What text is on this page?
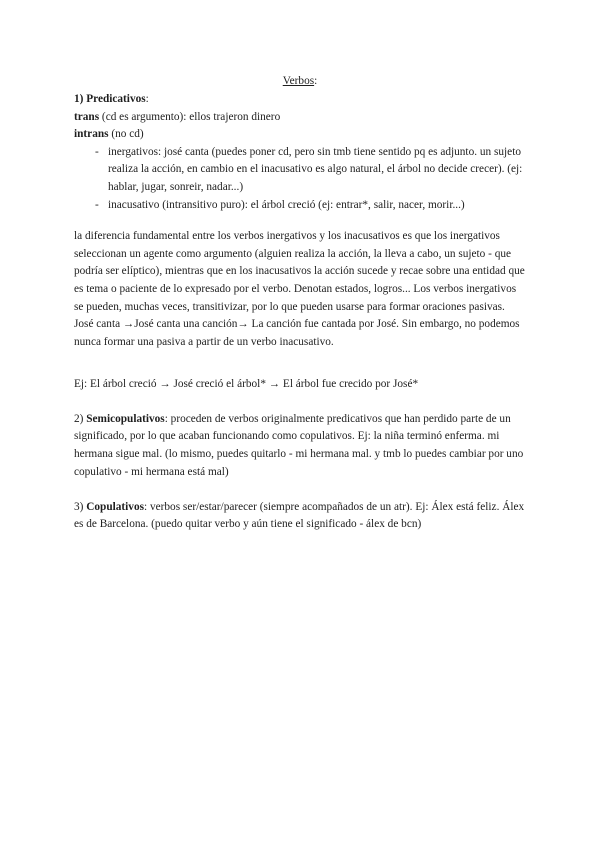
Verbos:
1) Predicativos:
trans (cd es argumento): ellos trajeron dinero
intrans (no cd)
- inergativos: josé canta (puedes poner cd, pero sin tmb tiene sentido pq es adjunto. un sujeto realiza la acción, en cambio en el inacusativo es algo natural, el árbol no decide crecer). (ej: hablar, jugar, sonreir, nadar...)
- inacusativo (intransitivo puro): el árbol creció (ej: entrar*, salir, nacer, morir...)
la diferencia fundamental entre los verbos inergativos y los inacusativos es que los inergativos seleccionan un agente como argumento (alguien realiza la acción, la lleva a cabo, un sujeto - que podría ser elíptico), mientras que en los inacusativos la acción sucede y recae sobre una entidad que es tema o paciente de lo expresado por el verbo. Denotan estados, logros... Los verbos inergativos se pueden, muchas veces, transitivizar, por lo que pueden usarse para formar oraciones pasivas. José canta →José canta una canción→ La canción fue cantada por José. Sin embargo, no podemos nunca formar una pasiva a partir de un verbo inacusativo.
Ej: El árbol creció → José creció el árbol* → El árbol fue crecido por José*
2) Semicopulativos: proceden de verbos originalmente predicativos que han perdido parte de un significado, por lo que acaban funcionando como copulativos. Ej: la niña terminó enferma. mi hermana sigue mal. (lo mismo, puedes quitarlo - mi hermana mal. y tmb lo puedes cambiar por uno copulativo - mi hermana está mal)
3) Copulativos: verbos ser/estar/parecer (siempre acompañados de un atr). Ej: Álex está feliz. Álex es de Barcelona. (puedo quitar verbo y aún tiene el significado - álex de bcn)
